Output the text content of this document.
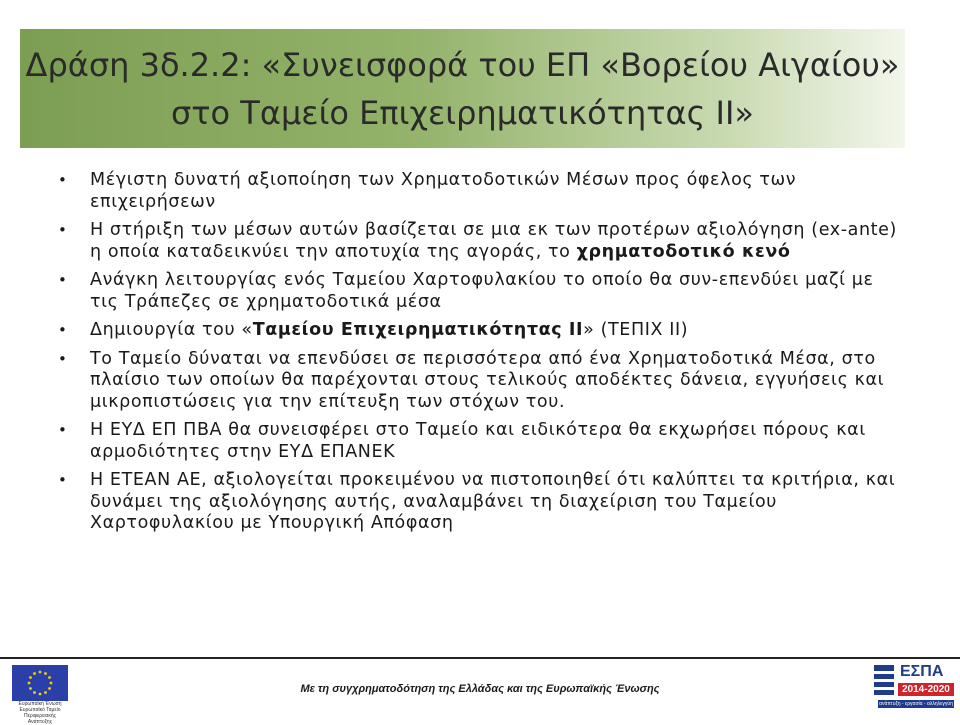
Δράση 3δ.2.2: «Συνεισφορά του ΕΠ «Βορείου Αιγαίου» στο Ταμείο Επιχειρηματικότητας ΙΙ»
• Μέγιστη δυνατή αξιοποίηση των Χρηματοδοτικών Μέσων προς όφελος των επιχειρήσεων
• Η στήριξη των μέσων αυτών βασίζεται σε μια εκ των προτέρων αξιολόγηση (ex-ante) η οποία καταδεικνύει την αποτυχία της αγοράς, το χρηματοδοτικό κενό
• Ανάγκη λειτουργίας ενός Ταμείου Χαρτοφυλακίου το οποίο θα συν-επενδύει μαζί με τις Τράπεζες σε χρηματοδοτικά μέσα
• Δημιουργία του «Ταμείου Επιχειρηματικότητας ΙΙ» (ΤΕΠΙΧ ΙΙ)
• Το Ταμείο δύναται να επενδύσει σε περισσότερα από ένα Χρηματοδοτικά Μέσα, στο πλαίσιο των οποίων θα παρέχονται στους τελικούς αποδέκτες δάνεια, εγγυήσεις και μικροπιστώσεις για την επίτευξη των στόχων του.
• Η ΕΥΔ ΕΠ ΠΒΑ θα συνεισφέρει στο Ταμείο και ειδικότερα θα εκχωρήσει πόρους και αρμοδιότητες στην ΕΥΔ ΕΠΑΝΕΚ
• Η ΕΤΕΑΝ ΑΕ, αξιολογείται προκειμένου να πιστοποιηθεί ότι καλύπτει τα κριτήρια, και δυνάμει της αξιολόγησης αυτής, αναλαμβάνει τη διαχείριση του Ταμείου Χαρτοφυλακίου με Υπουργική Απόφαση
Ευρωπαϊκή Ένωση
Ευρωπαϊκό Ταμείο Περιφερειακής
Ανάπτυξης
Με τη συγχρηματοδότηση της Ελλάδας και της Ευρωπαϊκής Ένωσης
ΕΣΠΑ
2014-2020
ανάπτυξη - εργασία - αλληλεγγύη
